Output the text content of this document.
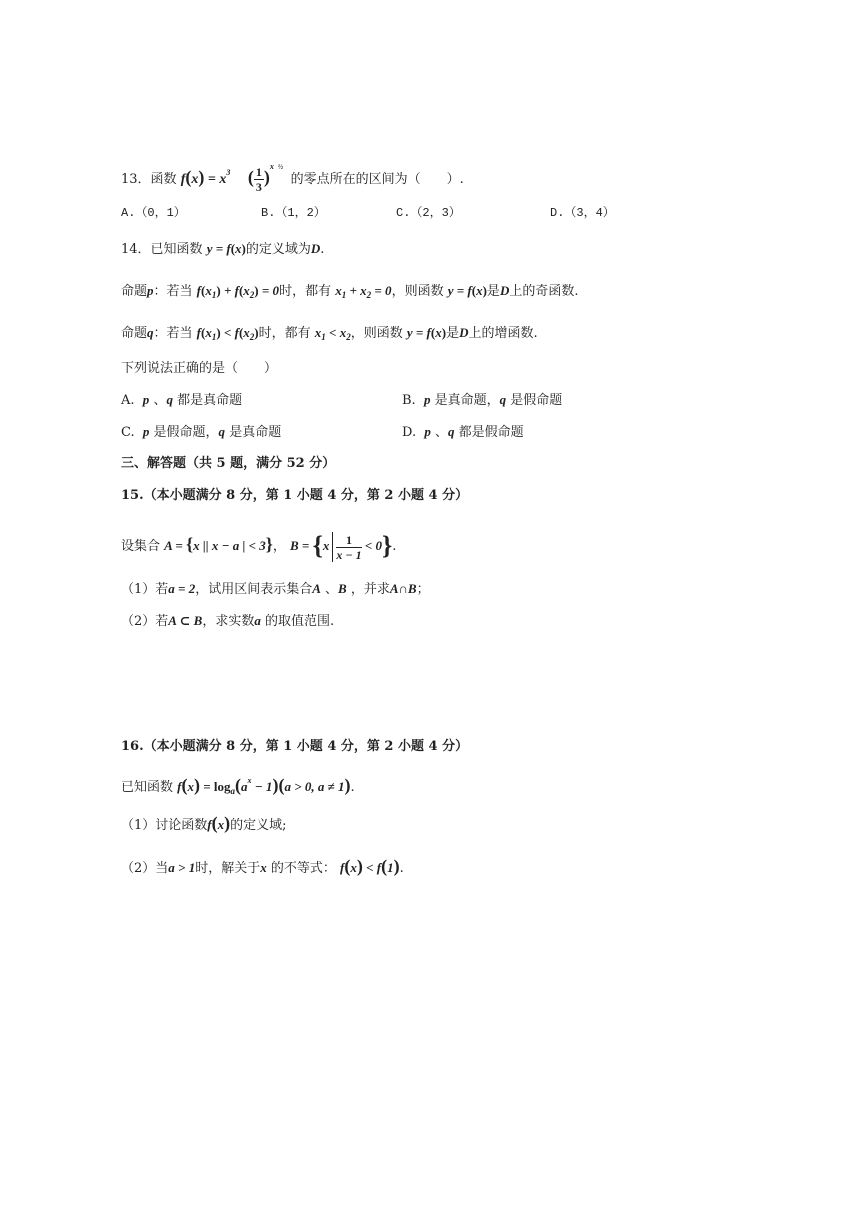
13．函数 $f(x) = x^3$ ( $\frac{1}{3} )^{x \frac{1}{2}}$ 的零点所在的区间为（　　）.
A.（0，1）	B.（1，2）	C.（2，3）	D.（3，4）
14．已知函数 y = f(x)的定义域为D.
命题p：若当 $f(x_1) + f(x_2) = 0$时，都有 $x_1 + x_2 = 0$，则函数 y = f(x)是D上的奇函数.
命题q：若当 $f(x_1) < f(x_2)$时，都有 $x_1 < x_2$，则函数 y = f(x)是D上的增函数.
下列说法正确的是（　　）
A. p 、q 都是真命题	B. p 是真命题，q 是假命题
C. p 是假命题，q 是真命题	D. p 、q 都是假命题
三、解答题（共 5 题，满分 52 分）
15.（本小题满分 8 分，第 1 小题 4 分，第 2 小题 4 分）
设集合 A = {x || x − a | < 3}， $B = \{x \frac{1}{x - 1} < 0\}$.
（1）若a = 2，试用区间表示集合A 、B ，并求A∩B；
（2）若A ⊂ B，求实数a 的取值范围.
16.（本小题满分 8 分，第 1 小题 4 分，第 2 小题 4 分）
已知函数 $f(x) = \log_a(a^x - 1)(a > 0$, a ≠ 1).
（1）讨论函数f(x)的定义域;
（2）当a > 1时，解关于x 的不等式： f(x) < f(1).
